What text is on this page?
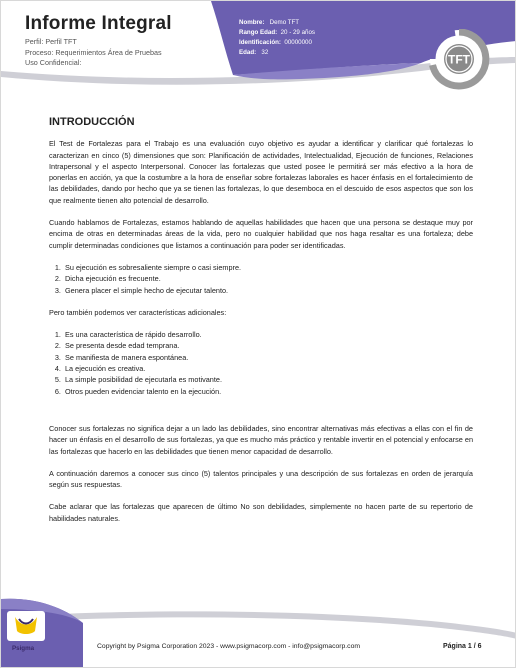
Informe Integral
Perfil: Perfil TFT
Proceso: Requerimientos Área de Pruebas
Uso Confidencial:
Nombre: Demo TFT
Rango Edad: 20 - 29 años
Identificación: 00000000
Edad: 32	TFT
INTRODUCCIÓN

El Test de Fortalezas para el Trabajo es una evaluación cuyo objetivo es ayudar a identificar y clarificar qué fortalezas lo caracterizan en cinco (5) dimensiones que son: Planificación de actividades, Intelectualidad, Ejecución de funciones, Relaciones Intrapersonal y el aspecto Interpersonal. Conocer las fortalezas que usted posee le permitirá ser más efectivo a la hora de ponerlas en acción, ya que la costumbre a la hora de enseñar sobre fortalezas laborales es hacer énfasis en el fortalecimiento de las debilidades, dando por hecho que ya se tienen las fortalezas, lo que desemboca en el descuido de esos aspectos que son los que realmente tienen alto potencial de desarrollo.

Cuando hablamos de Fortalezas, estamos hablando de aquellas habilidades que hacen que una persona se destaque muy por encima de otras en determinadas áreas de la vida, pero no cualquier habilidad que nos haga resaltar es una fortaleza; debe cumplir determinadas condiciones que listamos a continuación para poder ser identificadas.

1. Su ejecución es sobresaliente siempre o casi siempre.
2. Dicha ejecución es frecuente.
3. Genera placer el simple hecho de ejecutar talento.

Pero también podemos ver características adicionales:

1. Es una característica de rápido desarrollo.
2. Se presenta desde edad temprana.
3. Se manifiesta de manera espontánea.
4. La ejecución es creativa.
5. La simple posibilidad de ejecutarla es motivante.
6. Otros pueden evidenciar talento en la ejecución.

Conocer sus fortalezas no significa dejar a un lado las debilidades, sino encontrar alternativas más efectivas a ellas con el fin de hacer un énfasis en el desarrollo de sus fortalezas, ya que es mucho más práctico y rentable invertir en el potencial y enfocarse en las fortalezas que hacerlo en las debilidades que tienen menor capacidad de desarrollo.

A continuación daremos a conocer sus cinco (5) talentos principales y una descripción de sus fortalezas en orden de jerarquía según sus respuestas.

Cabe aclarar que las fortalezas que aparecen de último No son debilidades, simplemente no hacen parte de su repertorio de habilidades naturales.

Psigma	Copyright by Psigma Corporation 2023 - www.psigmacorp.com - info@psigmacorp.com	Página 1 / 6
